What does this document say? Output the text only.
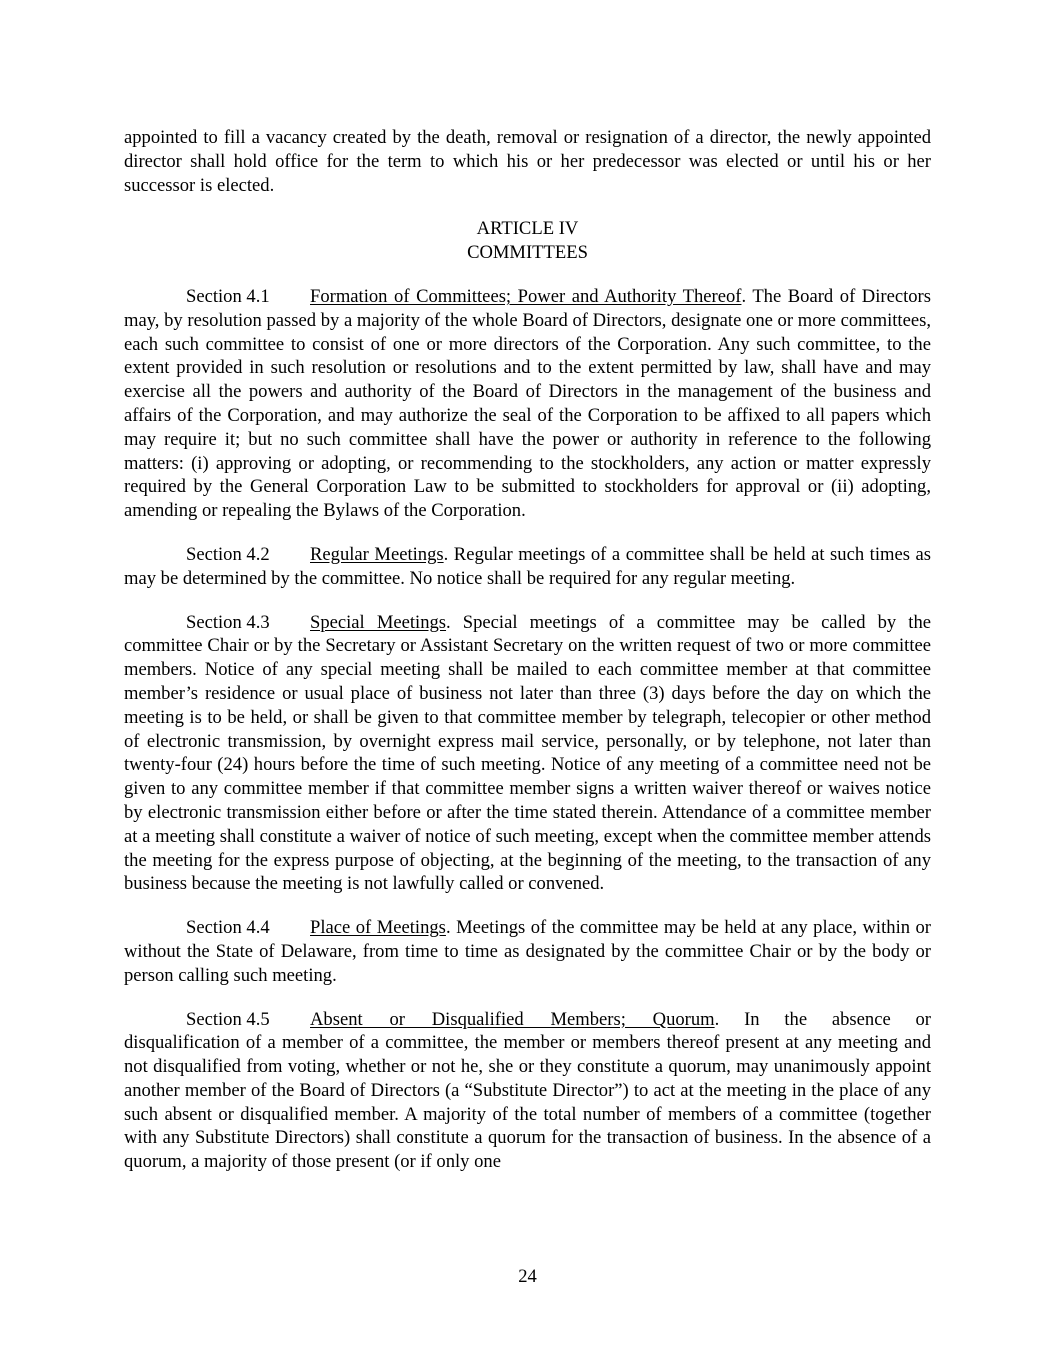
appointed to fill a vacancy created by the death, removal or resignation of a director, the newly appointed director shall hold office for the term to which his or her predecessor was elected or until his or her successor is elected.

ARTICLE IV
COMMITTEES

Section 4.1 Formation of Committees; Power and Authority Thereof. The Board of Directors may, by resolution passed by a majority of the whole Board of Directors, designate one or more committees, each such committee to consist of one or more directors of the Corporation. Any such committee, to the extent provided in such resolution or resolutions and to the extent permitted by law, shall have and may exercise all the powers and authority of the Board of Directors in the management of the business and affairs of the Corporation, and may authorize the seal of the Corporation to be affixed to all papers which may require it; but no such committee shall have the power or authority in reference to the following matters: (i) approving or adopting, or recommending to the stockholders, any action or matter expressly required by the General Corporation Law to be submitted to stockholders for approval or (ii) adopting, amending or repealing the Bylaws of the Corporation.

Section 4.2 Regular Meetings. Regular meetings of a committee shall be held at such times as may be determined by the committee. No notice shall be required for any regular meeting.

Section 4.3 Special Meetings. Special meetings of a committee may be called by the committee Chair or by the Secretary or Assistant Secretary on the written request of two or more committee members. Notice of any special meeting shall be mailed to each committee member at that committee member’s residence or usual place of business not later than three (3) days before the day on which the meeting is to be held, or shall be given to that committee member by telegraph, telecopier or other method of electronic transmission, by overnight express mail service, personally, or by telephone, not later than twenty-four (24) hours before the time of such meeting. Notice of any meeting of a committee need not be given to any committee member if that committee member signs a written waiver thereof or waives notice by electronic transmission either before or after the time stated therein. Attendance of a committee member at a meeting shall constitute a waiver of notice of such meeting, except when the committee member attends the meeting for the express purpose of objecting, at the beginning of the meeting, to the transaction of any business because the meeting is not lawfully called or convened.

Section 4.4 Place of Meetings. Meetings of the committee may be held at any place, within or without the State of Delaware, from time to time as designated by the committee Chair or by the body or person calling such meeting.

Section 4.5 Absent or Disqualified Members; Quorum. In the absence or disqualification of a member of a committee, the member or members thereof present at any meeting and not disqualified from voting, whether or not he, she or they constitute a quorum, may unanimously appoint another member of the Board of Directors (a “Substitute Director”) to act at the meeting in the place of any such absent or disqualified member. A majority of the total number of members of a committee (together with any Substitute Directors) shall constitute a quorum for the transaction of business. In the absence of a quorum, a majority of those present (or if only one

24
